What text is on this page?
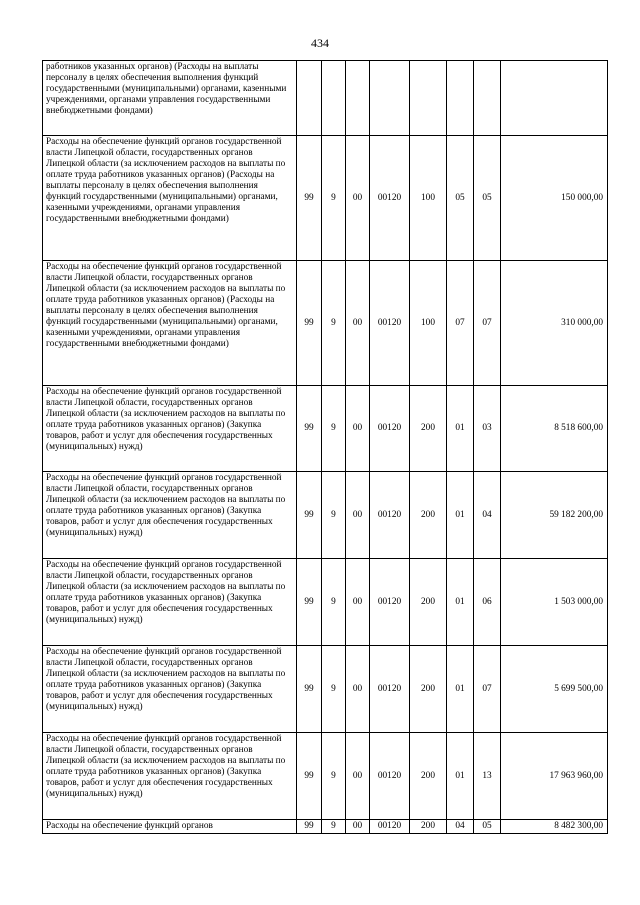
434
работников указанных органов) (Расходы на выплаты персоналу в целях обеспечения выполнения функций государственными (муниципальными) органами, казенными учреждениями, органами управления государственными внебюджетными фондами)								
Расходы на обеспечение функций органов государственной власти Липецкой области, государственных органов Липецкой области (за исключением расходов на выплаты по оплате труда работников указанных органов) (Расходы на выплаты персоналу в целях обеспечения выполнения функций государственными (муниципальными) органами, казенными учреждениями, органами управления государственными внебюджетными фондами)	99	9	00	00120	100	05	05	150 000,00
Расходы на обеспечение функций органов государственной власти Липецкой области, государственных органов Липецкой области (за исключением расходов на выплаты по оплате труда работников указанных органов) (Расходы на выплаты персоналу в целях обеспечения выполнения функций государственными (муниципальными) органами, казенными учреждениями, органами управления государственными внебюджетными фондами)	99	9	00	00120	100	07	07	310 000,00
Расходы на обеспечение функций органов государственной власти Липецкой области, государственных органов Липецкой области (за исключением расходов на выплаты по оплате труда работников указанных органов) (Закупка товаров, работ и услуг для обеспечения государственных (муниципальных) нужд)	99	9	00	00120	200	01	03	8 518 600,00
Расходы на обеспечение функций органов государственной власти Липецкой области, государственных органов Липецкой области (за исключением расходов на выплаты по оплате труда работников указанных органов) (Закупка товаров, работ и услуг для обеспечения государственных (муниципальных) нужд)	99	9	00	00120	200	01	04	59 182 200,00
Расходы на обеспечение функций органов государственной власти Липецкой области, государственных органов Липецкой области (за исключением расходов на выплаты по оплате труда работников указанных органов) (Закупка товаров, работ и услуг для обеспечения государственных (муниципальных) нужд)	99	9	00	00120	200	01	06	1 503 000,00
Расходы на обеспечение функций органов государственной власти Липецкой области, государственных органов Липецкой области (за исключением расходов на выплаты по оплате труда работников указанных органов) (Закупка товаров, работ и услуг для обеспечения государственных (муниципальных) нужд)	99	9	00	00120	200	01	07	5 699 500,00
Расходы на обеспечение функций органов государственной власти Липецкой области, государственных органов Липецкой области (за исключением расходов на выплаты по оплате труда работников указанных органов) (Закупка товаров, работ и услуг для обеспечения государственных (муниципальных) нужд)	99	9	00	00120	200	01	13	17 963 960,00
Расходы на обеспечение функций органов	99	9	00	00120	200	04	05	8 482 300,00
